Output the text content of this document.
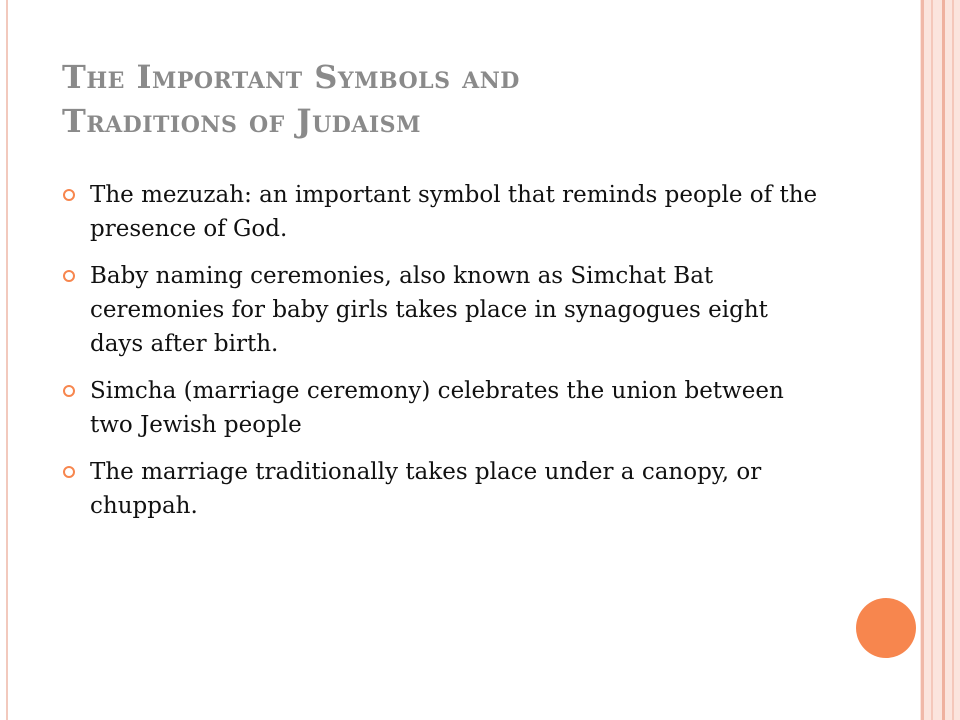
The Important Symbols and
Traditions of Judaism
The mezuzah: an important symbol that reminds people of the presence of God.
Baby naming ceremonies, also known as Simchat Bat ceremonies for baby girls takes place in synagogues eight days after birth.
Simcha (marriage ceremony) celebrates the union between two Jewish people
The marriage traditionally takes place under a canopy, or chuppah.
